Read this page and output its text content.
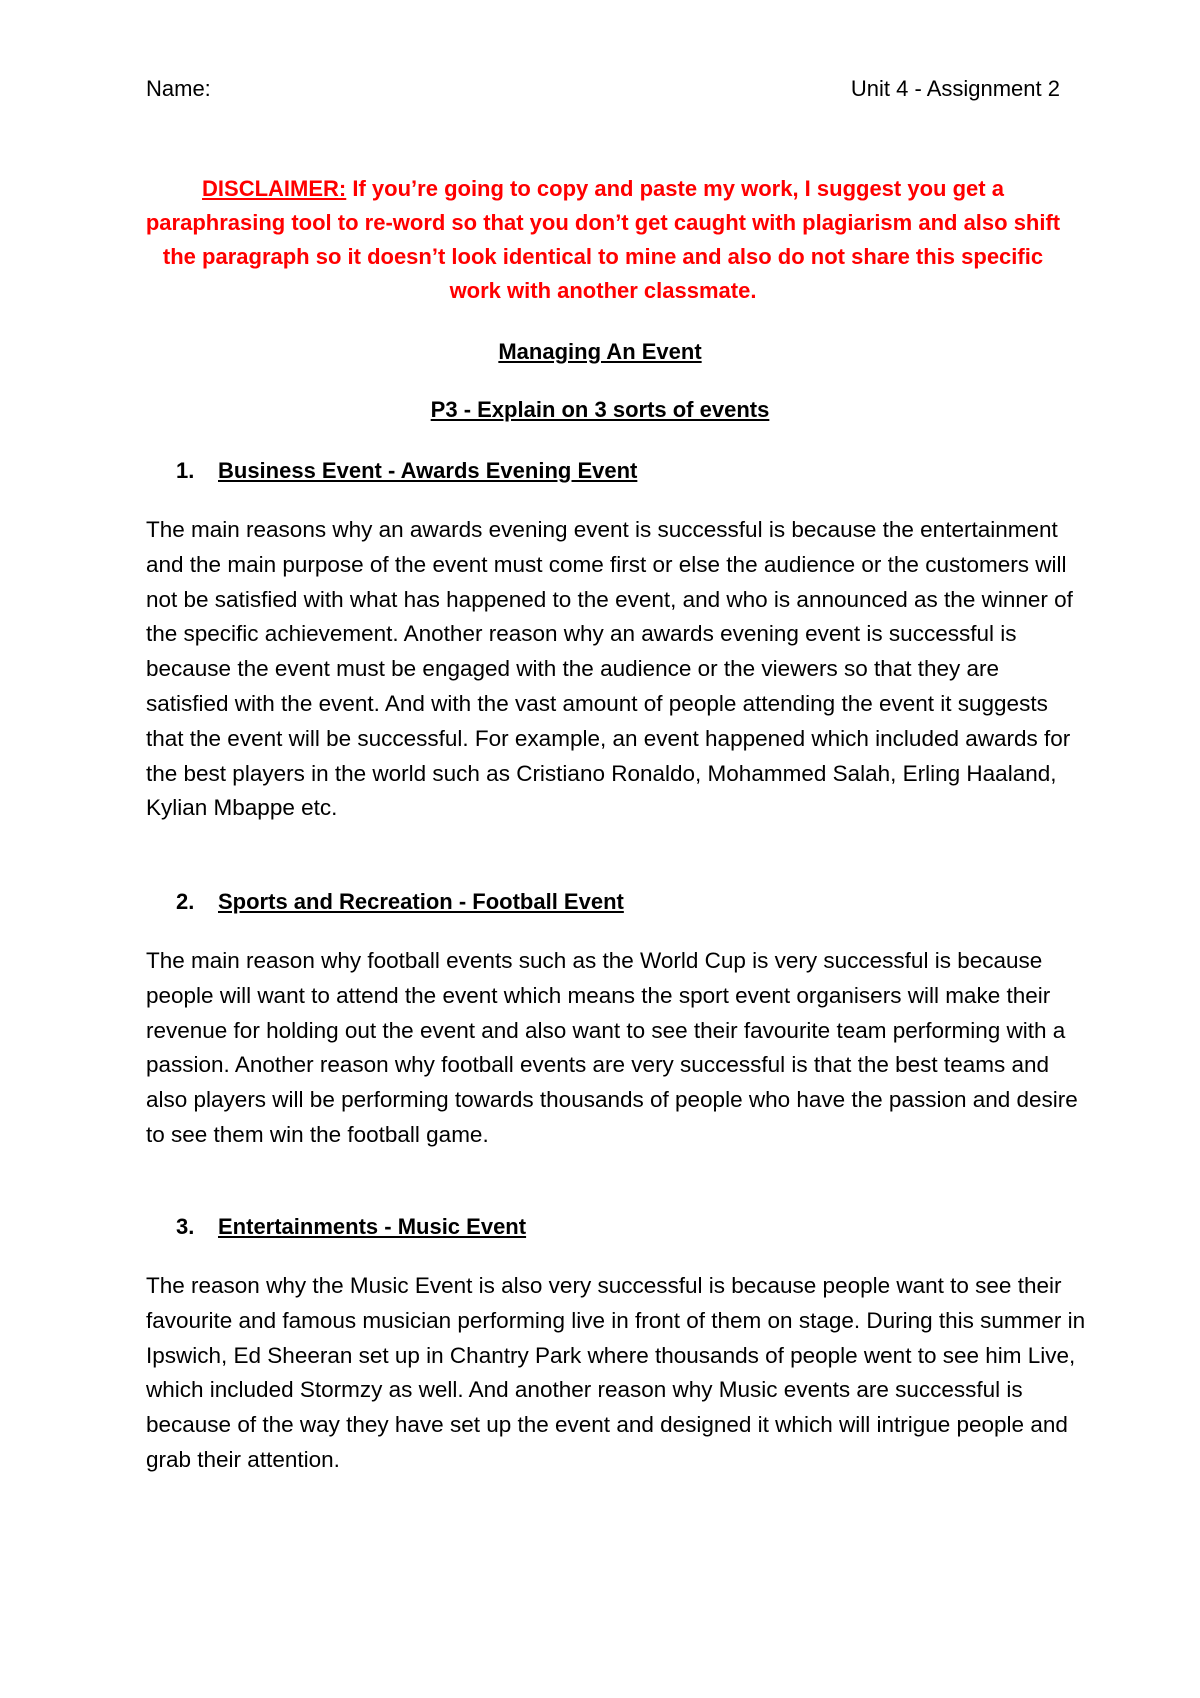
Name:	Unit 4 - Assignment 2
DISCLAIMER: If you’re going to copy and paste my work, I suggest you get a paraphrasing tool to re-word so that you don’t get caught with plagiarism and also shift the paragraph so it doesn’t look identical to mine and also do not share this specific work with another classmate.
Managing An Event
P3 - Explain on 3 sorts of events
1. Business Event - Awards Evening Event
The main reasons why an awards evening event is successful is because the entertainment and the main purpose of the event must come first or else the audience or the customers will not be satisfied with what has happened to the event, and who is announced as the winner of the specific achievement. Another reason why an awards evening event is successful is because the event must be engaged with the audience or the viewers so that they are satisfied with the event. And with the vast amount of people attending the event it suggests that the event will be successful. For example, an event happened which included awards for the best players in the world such as Cristiano Ronaldo, Mohammed Salah, Erling Haaland, Kylian Mbappe etc.
2. Sports and Recreation - Football Event
The main reason why football events such as the World Cup is very successful is because people will want to attend the event which means the sport event organisers will make their revenue for holding out the event and also want to see their favourite team performing with a passion. Another reason why football events are very successful is that the best teams and also players will be performing towards thousands of people who have the passion and desire to see them win the football game.
3. Entertainments - Music Event
The reason why the Music Event is also very successful is because people want to see their favourite and famous musician performing live in front of them on stage. During this summer in Ipswich, Ed Sheeran set up in Chantry Park where thousands of people went to see him Live, which included Stormzy as well. And another reason why Music events are successful is because of the way they have set up the event and designed it which will intrigue people and grab their attention.
